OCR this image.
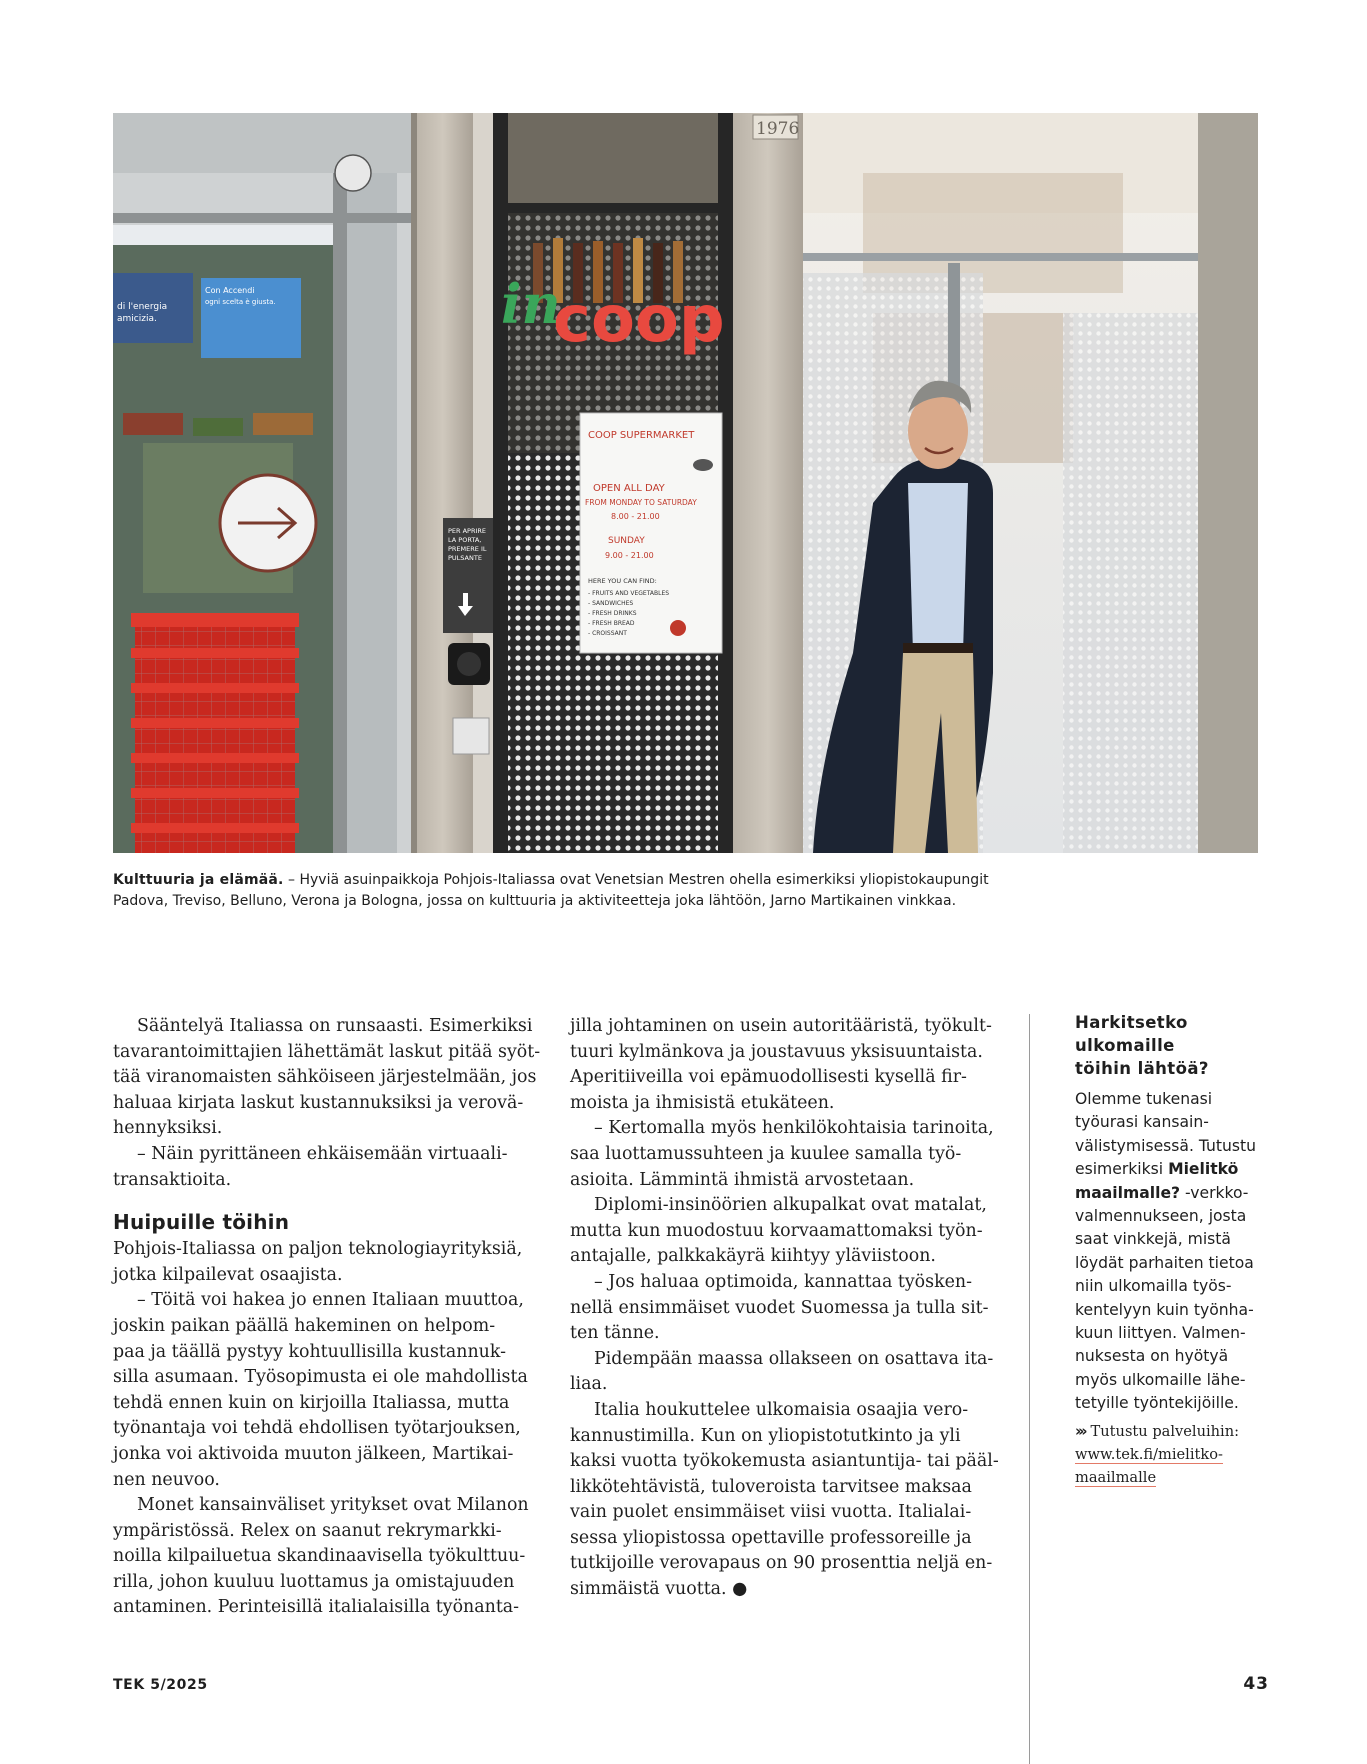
di l'energia
amicizia.
Con Accendi
ogni scelta è giusta.
PER APRIRE
LA PORTA,
PREMERE IL
PULSANTE
in
coop
COOP SUPERMARKET
OPEN ALL DAY
FROM MONDAY TO SATURDAY
8.00 - 21.00
SUNDAY
9.00 - 21.00
HERE YOU CAN FIND:
- FRUITS AND VEGETABLES
- SANDWICHES
- FRESH DRINKS
- FRESH BREAD
- CROISSANT
1976
Kulttuuria ja elämää. – Hyviä asuinpaikkoja Pohjois-Italiassa ovat Venetsian Mestren ohella esimerkiksi yliopistokaupungit
Padova, Treviso, Belluno, Verona ja Bologna, jossa on kulttuuria ja aktiviteetteja joka lähtöön, Jarno Martikainen vinkkaa.
Sääntelyä Italiassa on runsaasti. Esimerkiksi
tavarantoimittajien lähettämät laskut pitää syöt-
tää viranomaisten sähköiseen järjestelmään, jos
haluaa kirjata laskut kustannuksiksi ja verovä-
hennyksiksi.
– Näin pyrittäneen ehkäisemään virtuaali-
transaktioita.
Huipuille töihin
Pohjois-Italiassa on paljon teknologiayrityksiä,
jotka kilpailevat osaajista.
– Töitä voi hakea jo ennen Italiaan muuttoa,
joskin paikan päällä hakeminen on helpom-
paa ja täällä pystyy kohtuullisilla kustannuk-
silla asumaan. Työsopimusta ei ole mahdollista
tehdä ennen kuin on kirjoilla Italiassa, mutta
työnantaja voi tehdä ehdollisen työtarjouksen,
jonka voi aktivoida muuton jälkeen, Martikai-
nen neuvoo.
Monet kansainväliset yritykset ovat Milanon
ympäristössä. Relex on saanut rekrymarkki-
noilla kilpailuetua skandinaavisella työkulttuu-
rilla, johon kuuluu luottamus ja omistajuuden
antaminen. Perinteisillä italialaisilla työnanta-
jilla johtaminen on usein autoritääristä, työkult-
tuuri kylmänkova ja joustavuus yksisuuntaista.
Aperitiiveilla voi epämuodollisesti kysellä fir-
moista ja ihmisistä etukäteen.
– Kertomalla myös henkilökohtaisia tarinoita,
saa luottamussuhteen ja kuulee samalla työ-
asioita. Lämmintä ihmistä arvostetaan.
Diplomi-insinöörien alkupalkat ovat matalat,
mutta kun muodostuu korvaamattomaksi työn-
antajalle, palkkakäyrä kiihtyy yläviistoon.
– Jos haluaa optimoida, kannattaa työsken-
nellä ensimmäiset vuodet Suomessa ja tulla sit-
ten tänne.
Pidempään maassa ollakseen on osattava ita-
liaa.
Italia houkuttelee ulkomaisia osaajia vero-
kannustimilla. Kun on yliopistotutkinto ja yli
kaksi vuotta työkokemusta asiantuntija- tai pääl-
likkötehtävistä, tuloveroista tarvitsee maksaa
vain puolet ensimmäiset viisi vuotta. Italialai-
sessa yliopistossa opettaville professoreille ja
tutkijoille verovapaus on 90 prosenttia neljä en-
simmäistä vuotta. ●
Harkitsetko
ulkomaille
töihin lähtöä?
Olemme tukenasi
työurasi kansain-
välistymisessä. Tutustu
esimerkiksi Mielitkö
maailmalle? -verkko-
valmennukseen, josta
saat vinkkejä, mistä
löydät parhaiten tietoa
niin ulkomailla työs-
kentelyyn kuin työnha-
kuun liittyen. Valmen-
nuksesta on hyötyä
myös ulkomaille lähe-
tetyille työntekijöille.
››› Tutustu palveluihin:
www.tek.fi/mielitko-
maailmalle
TEK 5/2025	43
